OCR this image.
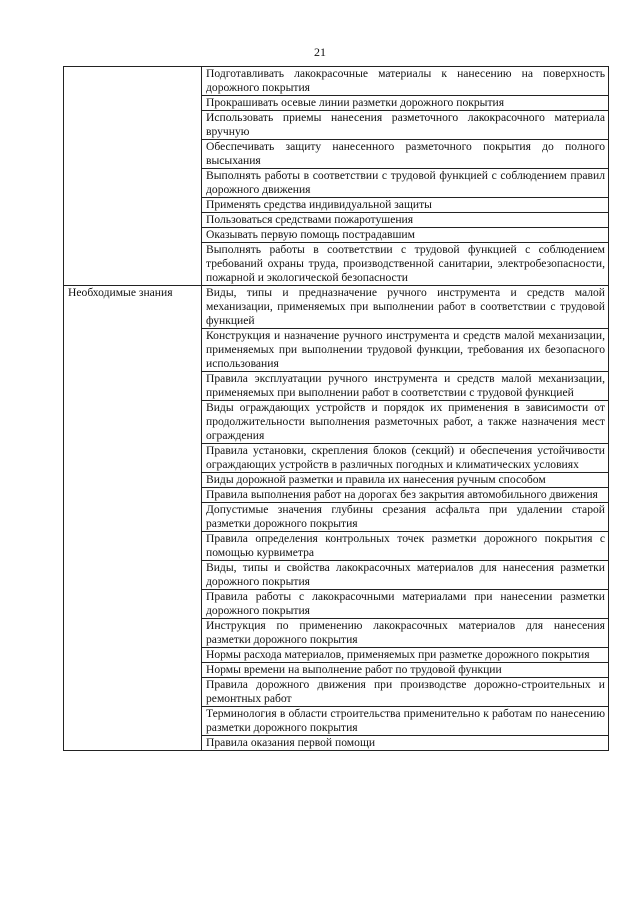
21

	Подготавливать лакокрасочные материалы к нанесению на поверхность дорожного покрытия

	Прокрашивать осевые линии разметки дорожного покрытия

	Использовать приемы нанесения разметочного лакокрасочного материала вручную

	Обеспечивать защиту нанесенного разметочного покрытия до полного высыхания

	Выполнять работы в соответствии с трудовой функцией с соблюдением правил дорожного движения

	Применять средства индивидуальной защиты

	Пользоваться средствами пожаротушения

	Оказывать первую помощь пострадавшим

	Выполнять работы в соответствии с трудовой функцией с соблюдением требований охраны труда, производственной санитарии, электробезопасности, пожарной и экологической безопасности

Необходимые знания	Виды, типы и предназначение ручного инструмента и средств малой механизации, применяемых при выполнении работ в соответствии с трудовой функцией

	Конструкция и назначение ручного инструмента и средств малой механизации, применяемых при выполнении трудовой функции, требования их безопасного использования

	Правила эксплуатации ручного инструмента и средств малой механизации, применяемых при выполнении работ в соответствии с трудовой функцией

	Виды ограждающих устройств и порядок их применения в зависимости от продолжительности выполнения разметочных работ, а также назначения мест ограждения

	Правила установки, скрепления блоков (секций) и обеспечения устойчивости ограждающих устройств в различных погодных и климатических условиях

	Виды дорожной разметки и правила их нанесения ручным способом

	Правила выполнения работ на дорогах без закрытия автомобильного движения

	Допустимые значения глубины срезания асфальта при удалении старой разметки дорожного покрытия

	Правила определения контрольных точек разметки дорожного покрытия с помощью курвиметра

	Виды, типы и свойства лакокрасочных материалов для нанесения разметки дорожного покрытия

	Правила работы с лакокрасочными материалами при нанесении разметки дорожного покрытия

	Инструкция по применению лакокрасочных материалов для нанесения разметки дорожного покрытия

	Нормы расхода материалов, применяемых при разметке дорожного покрытия

	Нормы времени на выполнение работ по трудовой функции

	Правила дорожного движения при производстве дорожно-строительных и ремонтных работ

	Терминология в области строительства применительно к работам по нанесению разметки дорожного покрытия

	Правила оказания первой помощи
